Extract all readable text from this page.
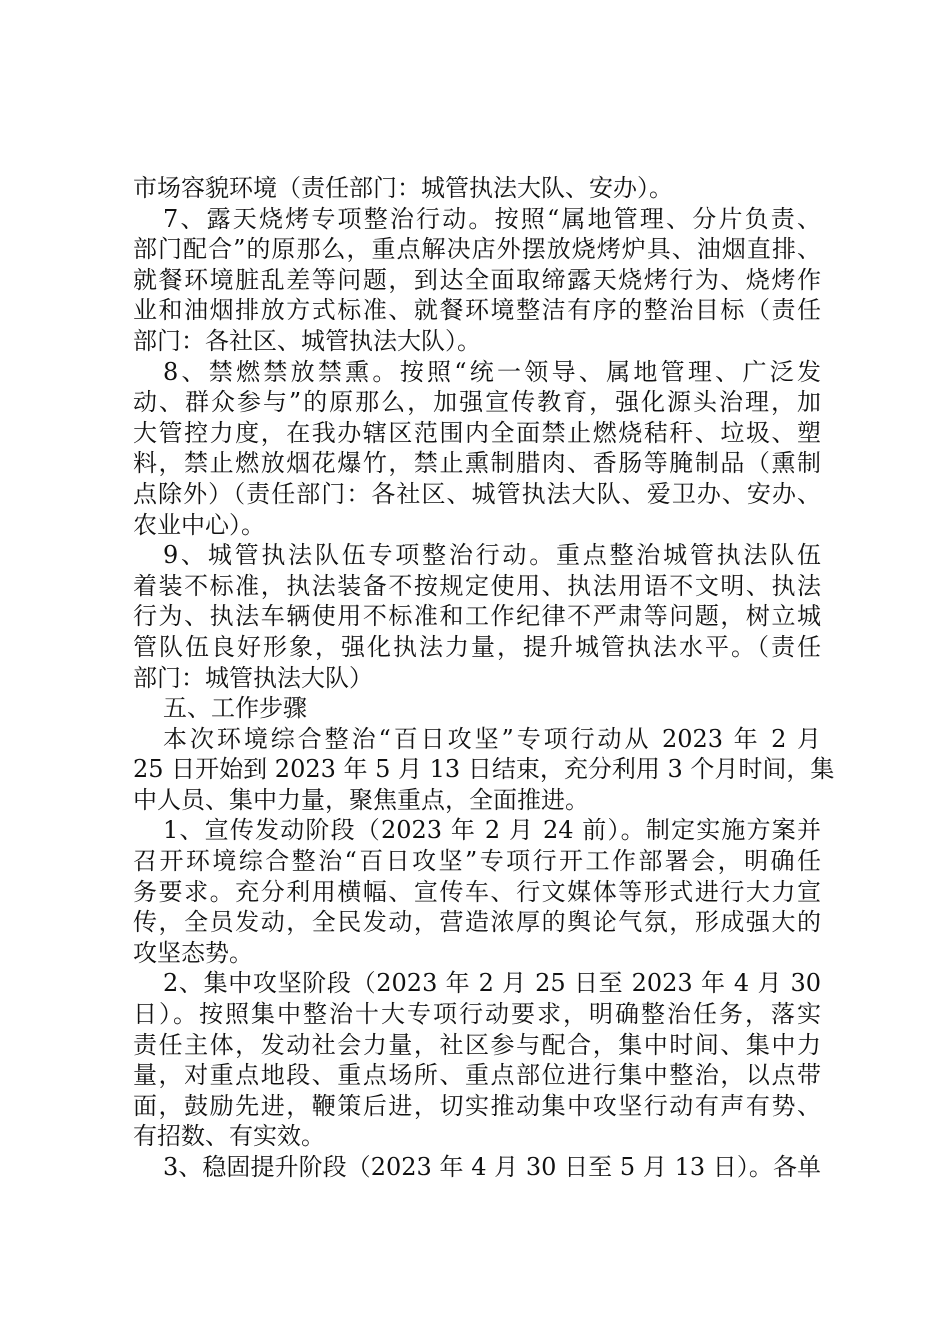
市场容貌环境（责任部门：城管执法大队、安办）。
7、露天烧烤专项整治行动。按照“属地管理、分片负责、
部门配合”的原那么，重点解决店外摆放烧烤炉具、油烟直排、
就餐环境脏乱差等问题，到达全面取缔露天烧烤行为、烧烤作
业和油烟排放方式标准、就餐环境整洁有序的整治目标（责任
部门：各社区、城管执法大队）。
8、禁燃禁放禁熏。按照“统一领导、属地管理、广泛发
动、群众参与”的原那么，加强宣传教育，强化源头治理，加
大管控力度，在我办辖区范围内全面禁止燃烧秸秆、垃圾、塑
料，禁止燃放烟花爆竹，禁止熏制腊肉、香肠等腌制品（熏制
点除外）（责任部门：各社区、城管执法大队、爱卫办、安办、
农业中心）。
9、城管执法队伍专项整治行动。重点整治城管执法队伍
着装不标准，执法装备不按规定使用、执法用语不文明、执法
行为、执法车辆使用不标准和工作纪律不严肃等问题，树立城
管队伍良好形象，强化执法力量，提升城管执法水平。（责任
部门：城管执法大队）
五、工作步骤
本次环境综合整治“百日攻坚”专项行动从 2023 年 2 月
25 日开始到 2023 年 5 月 13 日结束，充分利用 3 个月时间，集
中人员、集中力量，聚焦重点，全面推进。
1、宣传发动阶段（2023 年 2 月 24 前）。制定实施方案并
召开环境综合整治“百日攻坚”专项行开工作部署会，明确任
务要求。充分利用横幅、宣传车、行文媒体等形式进行大力宣
传，全员发动，全民发动，营造浓厚的舆论气氛，形成强大的
攻坚态势。
2、集中攻坚阶段（2023 年 2 月 25 日至 2023 年 4 月 30
日）。按照集中整治十大专项行动要求，明确整治任务，落实
责任主体，发动社会力量，社区参与配合，集中时间、集中力
量，对重点地段、重点场所、重点部位进行集中整治，以点带
面，鼓励先进，鞭策后进，切实推动集中攻坚行动有声有势、
有招数、有实效。
3、稳固提升阶段（2023 年 4 月 30 日至 5 月 13 日）。各单
